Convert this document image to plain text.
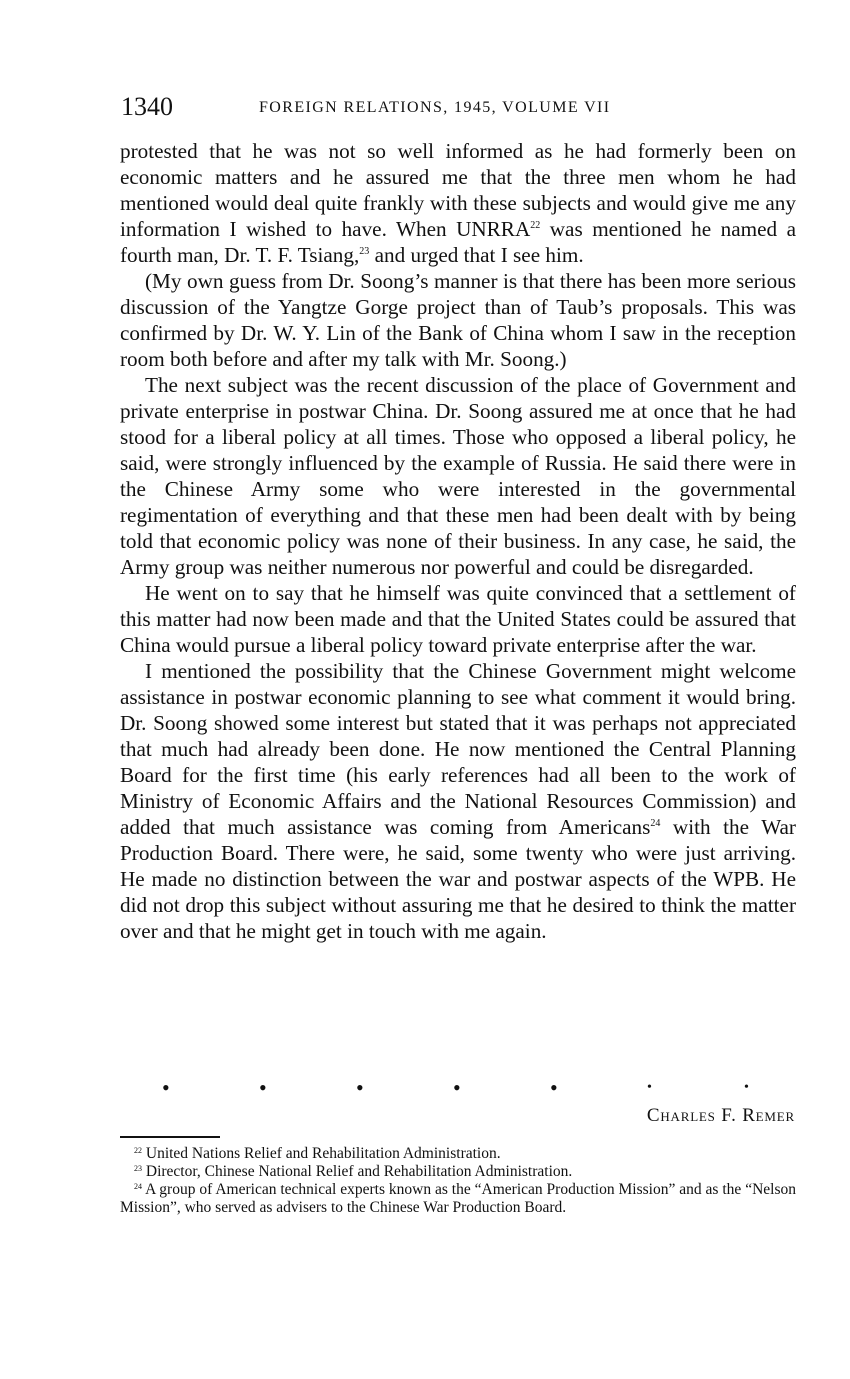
1340	FOREIGN RELATIONS, 1945, VOLUME VII

protested that he was not so well informed as he had formerly been on economic matters and he assured me that the three men whom he had mentioned would deal quite frankly with these subjects and would give me any information I wished to have. When UNRRA$^{22}$ was mentioned he named a fourth man, Dr. T. F. Tsiang,$^{23}$ and urged that I see him.

(My own guess from Dr. Soong’s manner is that there has been more serious discussion of the Yangtze Gorge project than of Taub’s proposals. This was confirmed by Dr. W. Y. Lin of the Bank of China whom I saw in the reception room both before and after my talk with Mr. Soong.)

The next subject was the recent discussion of the place of Government and private enterprise in postwar China. Dr. Soong assured me at once that he had stood for a liberal policy at all times. Those who opposed a liberal policy, he said, were strongly influenced by the example of Russia. He said there were in the Chinese Army some who were interested in the governmental regimentation of everything and that these men had been dealt with by being told that economic policy was none of their business. In any case, he said, the Army group was neither numerous nor powerful and could be disregarded.

He went on to say that he himself was quite convinced that a settlement of this matter had now been made and that the United States could be assured that China would pursue a liberal policy toward private enterprise after the war.

I mentioned the possibility that the Chinese Government might welcome assistance in postwar economic planning to see what comment it would bring. Dr. Soong showed some interest but stated that it was perhaps not appreciated that much had already been done. He now mentioned the Central Planning Board for the first time (his early references had all been to the work of Ministry of Economic Affairs and the National Resources Commission) and added that much assistance was coming from Americans$^{24}$ with the War Production Board. There were, he said, some twenty who were just arriving. He made no distinction between the war and postwar aspects of the WPB. He did not drop this subject without assuring me that he desired to think the matter over and that he might get in touch with me again.

•	•	•	•	•	•	•
Charles F. Remer

$^{22}$ United Nations Relief and Rehabilitation Administration.

$^{23}$ Director, Chinese National Relief and Rehabilitation Administration.

$^{24}$ A group of American technical experts known as the “American Production Mission” and as the “Nelson Mission”, who served as advisers to the Chinese War Production Board.
